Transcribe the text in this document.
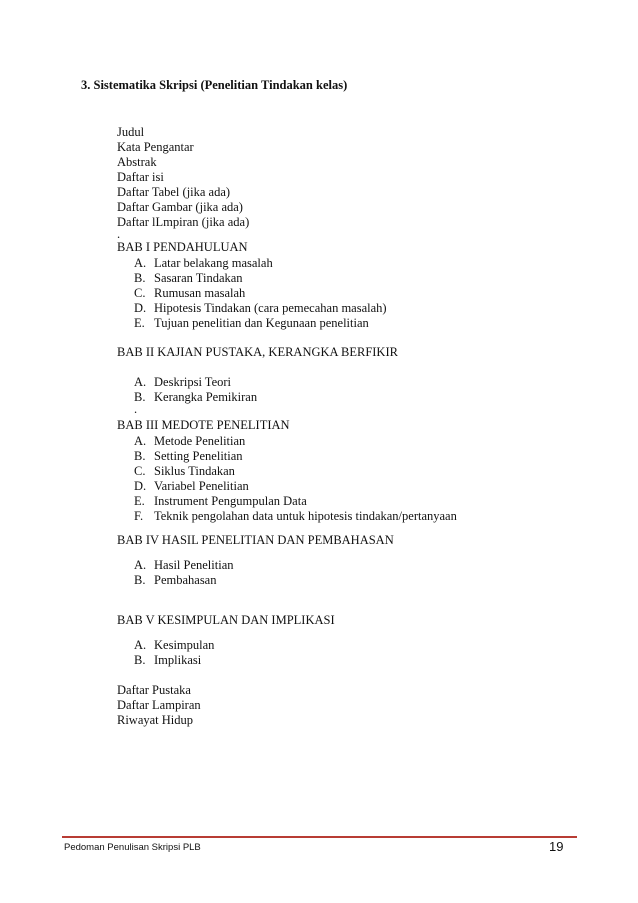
3. Sistematika Skripsi (Penelitian Tindakan kelas)
Judul
Kata Pengantar
Abstrak
Daftar isi
Daftar Tabel (jika ada)
Daftar Gambar (jika ada)
Daftar lLmpiran (jika ada)
.
BAB I PENDAHULUAN
A. Latar belakang masalah
B. Sasaran Tindakan
C. Rumusan masalah
D. Hipotesis Tindakan (cara pemecahan masalah)
E. Tujuan penelitian dan Kegunaan penelitian
BAB II KAJIAN PUSTAKA, KERANGKA BERFIKIR
A. Deskripsi Teori
B. Kerangka Pemikiran
.
BAB III MEDOTE PENELITIAN
A. Metode Penelitian
B. Setting Penelitian
C. Siklus Tindakan
D. Variabel Penelitian
E. Instrument Pengumpulan Data
F. Teknik pengolahan data untuk hipotesis tindakan/pertanyaan
BAB IV HASIL PENELITIAN DAN PEMBAHASAN
A. Hasil Penelitian
B. Pembahasan
BAB V KESIMPULAN DAN IMPLIKASI
A. Kesimpulan
B. Implikasi
Daftar Pustaka
Daftar Lampiran
Riwayat Hidup
Pedoman Penulisan Skripsi PLB	19
